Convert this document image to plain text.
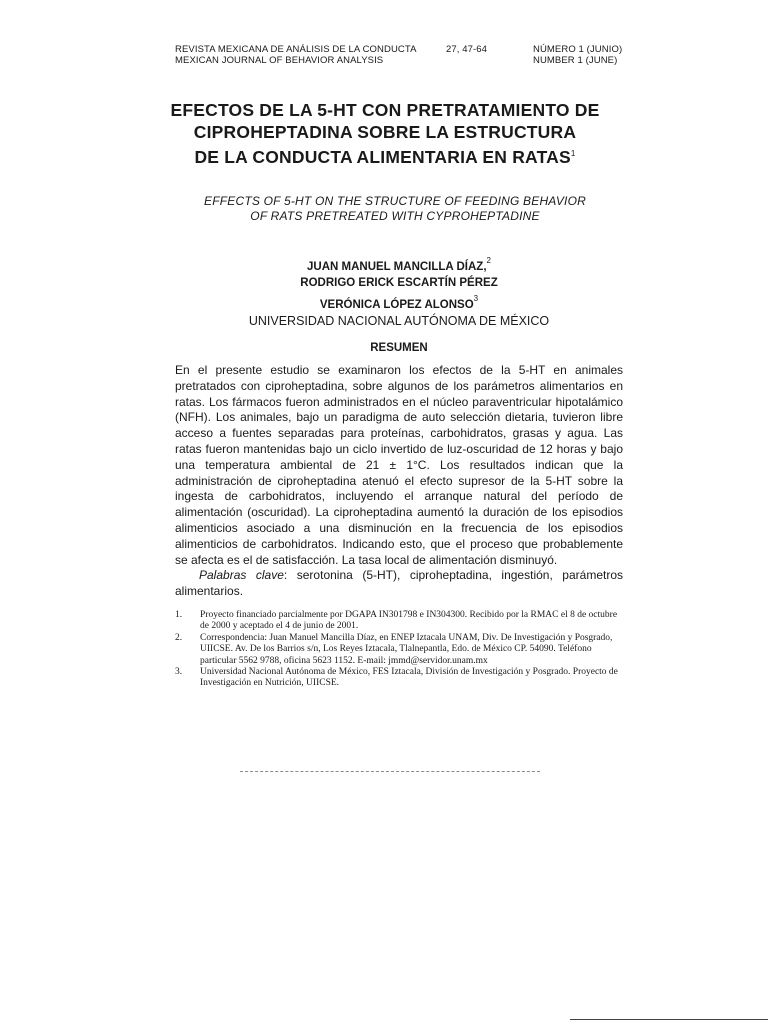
REVISTA MEXICANA DE ANÁLISIS DE LA CONDUCTA
MEXICAN JOURNAL OF BEHAVIOR ANALYSIS
27, 47-64	NÚMERO 1 (JUNIO)
NUMBER 1 (JUNE)
EFECTOS DE LA 5-HT CON PRETRATAMIENTO DE
CIPROHEPTADINA SOBRE LA ESTRUCTURA
DE LA CONDUCTA ALIMENTARIA EN RATAS$^1$
EFFECTS OF 5-HT ON THE STRUCTURE OF FEEDING BEHAVIOR
OF RATS PRETREATED WITH CYPROHEPTADINE
JUAN MANUEL MANCILLA DÍAZ,$^2$
RODRIGO ERICK ESCARTÍN PÉREZ
VERÓNICA LÓPEZ ALONSO$^3$
UNIVERSIDAD NACIONAL AUTÓNOMA DE MÉXICO
RESUMEN

En el presente estudio se examinaron los efectos de la 5-HT en animales pretratados con ciproheptadina, sobre algunos de los parámetros alimentarios en ratas. Los fármacos fueron administrados en el núcleo paraventricular hipotalámico (NFH). Los animales, bajo un paradigma de auto selección dietaria, tuvieron libre acceso a fuentes separadas para proteínas, carbohidratos, grasas y agua. Las ratas fueron mantenidas bajo un ciclo invertido de luz-oscuridad de 12 horas y bajo una temperatura ambiental de 21 ± 1°C. Los resultados indican que la administración de ciproheptadina atenuó el efecto supresor de la 5-HT sobre la ingesta de carbohidratos, incluyendo el arranque natural del período de alimentación (oscuridad). La ciproheptadina aumentó la duración de los episodios alimenticios asociado a una disminución en la frecuencia de los episodios alimenticios de carbohidratos. Indicando esto, que el proceso que probablemente se afecta es el de satisfacción. La tasa local de alimentación disminuyó.

Palabras clave: serotonina (5-HT), ciproheptadina, ingestión, parámetros alimentarios.

1.	Proyecto financiado parcialmente por DGAPA IN301798 e IN304300. Recibido por la RMAC el 8 de octubre de 2000 y aceptado el 4 de junio de 2001.
2.	Correspondencia: Juan Manuel Mancilla Díaz, en ENEP Iztacala UNAM, Div. De Investigación y Posgrado, UIICSE. Av. De los Barrios s/n, Los Reyes Iztacala, Tlalnepantla, Edo. de México CP. 54090. Teléfono particular 5562 9788, oficina 5623 1152. E-mail: jmmd@servidor.unam.mx
3.	Universidad Nacional Autónoma de México, FES Iztacala, División de Investigación y Posgrado. Proyecto de Investigación en Nutrición, UIICSE.
